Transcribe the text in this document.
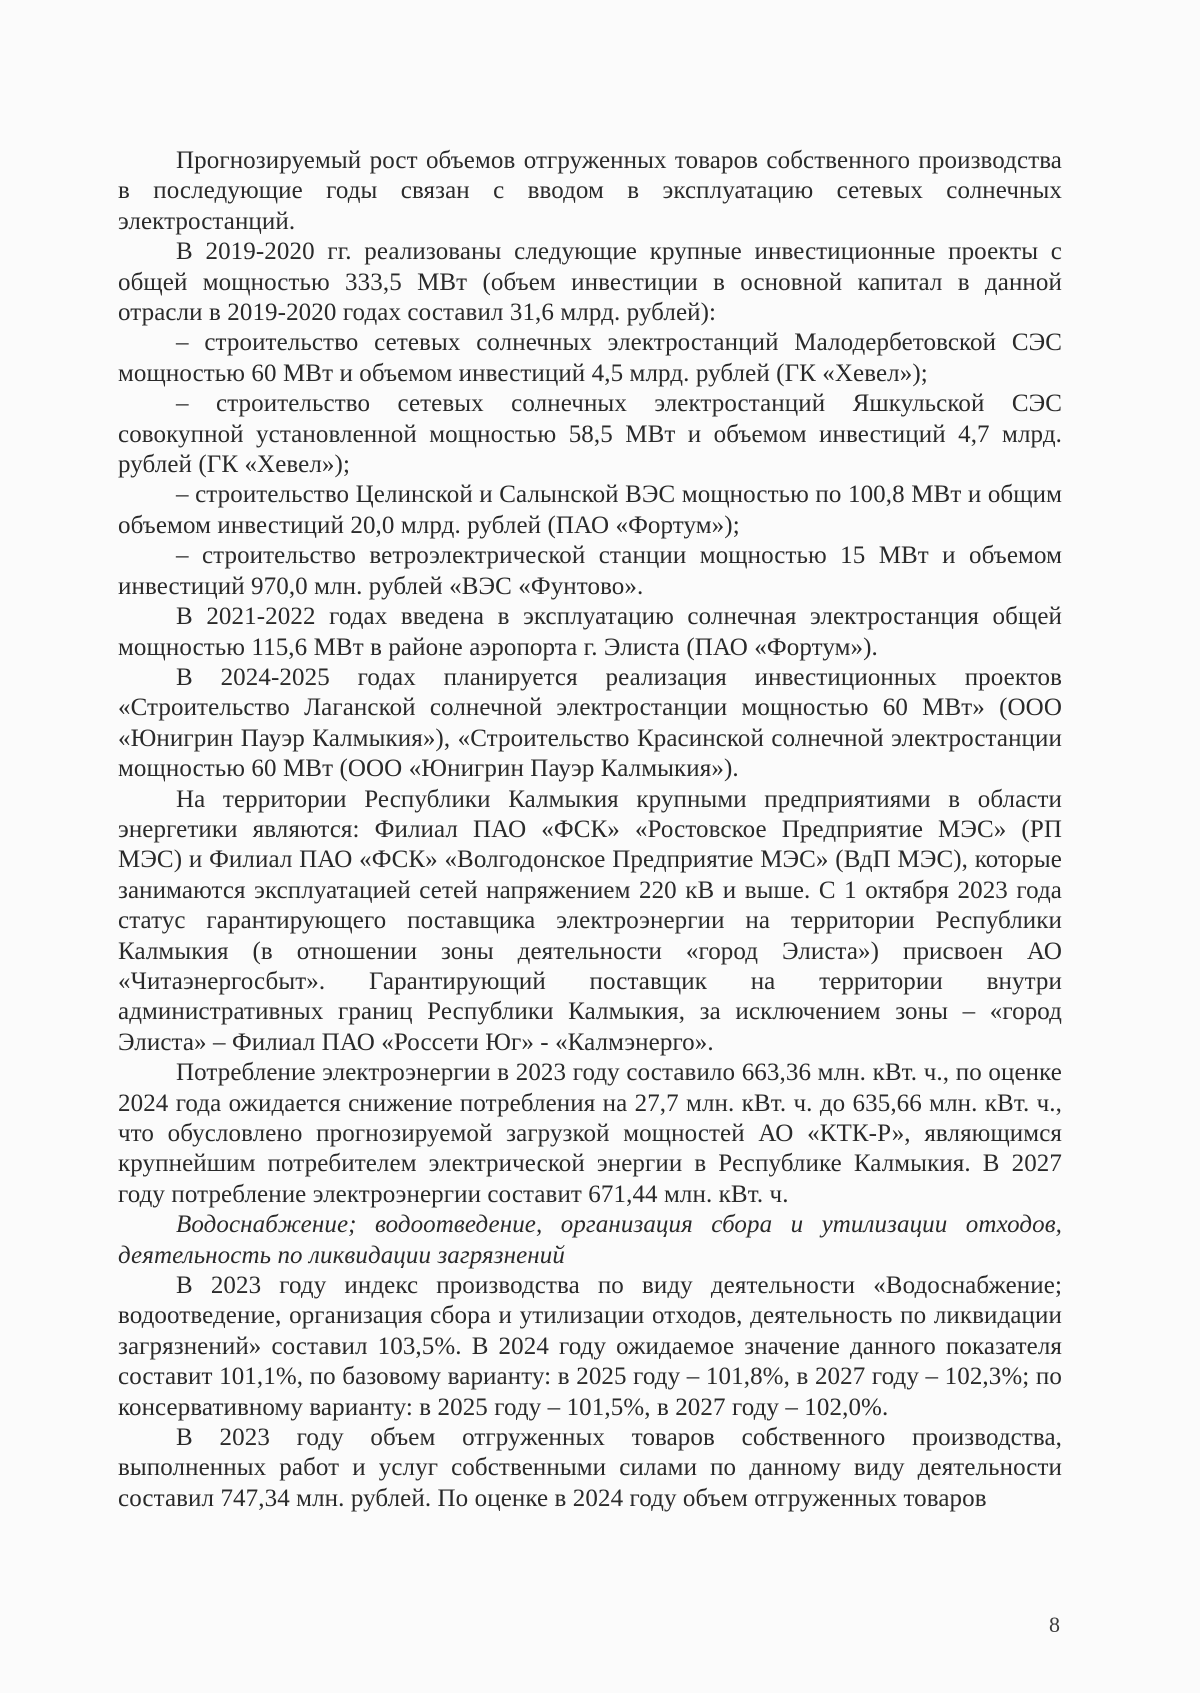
Прогнозируемый рост объемов отгруженных товаров собственного производства в последующие годы связан с вводом в эксплуатацию сетевых солнечных электростанций.

В 2019-2020 гг. реализованы следующие крупные инвестиционные проекты с общей мощностью 333,5 МВт (объем инвестиции в основной капитал в данной отрасли в 2019-2020 годах составил 31,6 млрд. рублей):

– строительство сетевых солнечных электростанций Малодербетовской СЭС мощностью 60 МВт и объемом инвестиций 4,5 млрд. рублей (ГК «Хевел»);

– строительство сетевых солнечных электростанций Яшкульской СЭС совокупной установленной мощностью 58,5 МВт и объемом инвестиций 4,7 млрд. рублей (ГК «Хевел»);

– строительство Целинской и Салынской ВЭС мощностью по 100,8 МВт и общим объемом инвестиций 20,0 млрд. рублей (ПАО «Фортум»);

– строительство ветроэлектрической станции мощностью 15 МВт и объемом инвестиций 970,0 млн. рублей «ВЭС «Фунтово».

В 2021-2022 годах введена в эксплуатацию солнечная электростанция общей мощностью 115,6 МВт в районе аэропорта г. Элиста (ПАО «Фортум»).

В 2024-2025 годах планируется реализация инвестиционных проектов «Строительство Лаганской солнечной электростанции мощностью 60 МВт» (ООО «Юнигрин Пауэр Калмыкия»), «Строительство Красинской солнечной электростанции мощностью 60 МВт (ООО «Юнигрин Пауэр Калмыкия»).

На территории Республики Калмыкия крупными предприятиями в области энергетики являются: Филиал ПАО «ФСК» «Ростовское Предприятие МЭС» (РП МЭС) и Филиал ПАО «ФСК» «Волгодонское Предприятие МЭС» (ВдП МЭС), которые занимаются эксплуатацией сетей напряжением 220 кВ и выше. С 1 октября 2023 года статус гарантирующего поставщика электроэнергии на территории Республики Калмыкия (в отношении зоны деятельности «город Элиста») присвоен АО «Читаэнергосбыт». Гарантирующий поставщик на территории внутри административных границ Республики Калмыкия, за исключением зоны – «город Элиста» – Филиал ПАО «Россети Юг» - «Калмэнерго».

Потребление электроэнергии в 2023 году составило 663,36 млн. кВт. ч., по оценке 2024 года ожидается снижение потребления на 27,7 млн. кВт. ч. до 635,66 млн. кВт. ч., что обусловлено прогнозируемой загрузкой мощностей АО «КТК-Р», являющимся крупнейшим потребителем электрической энергии в Республике Калмыкия. В 2027 году потребление электроэнергии составит 671,44 млн. кВт. ч.

Водоснабжение; водоотведение, организация сбора и утилизации отходов, деятельность по ликвидации загрязнений

В 2023 году индекс производства по виду деятельности «Водоснабжение; водоотведение, организация сбора и утилизации отходов, деятельность по ликвидации загрязнений» составил 103,5%. В 2024 году ожидаемое значение данного показателя составит 101,1%, по базовому варианту: в 2025 году – 101,8%, в 2027 году – 102,3%; по консервативному варианту: в 2025 году – 101,5%, в 2027 году – 102,0%.

В 2023 году объем отгруженных товаров собственного производства, выполненных работ и услуг собственными силами по данному виду деятельности составил 747,34 млн. рублей. По оценке в 2024 году объем отгруженных товаров

8
